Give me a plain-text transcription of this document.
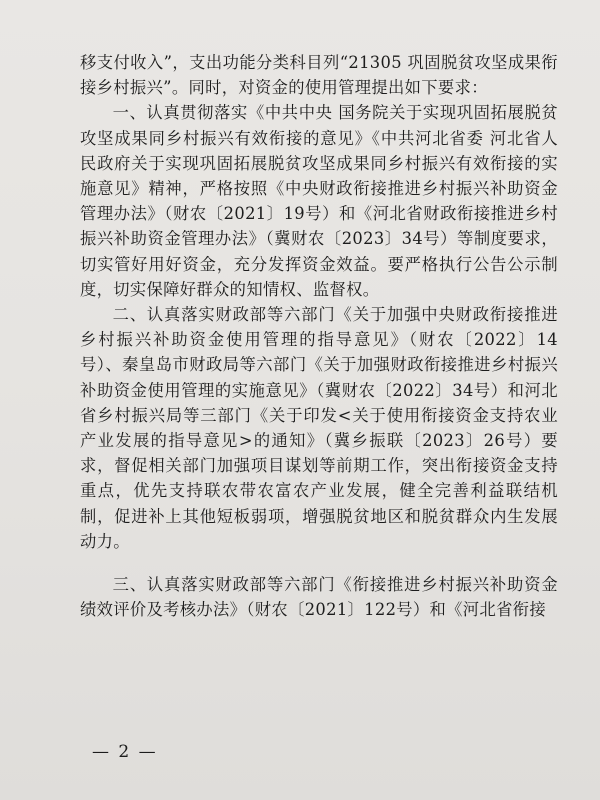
移支付收入”，支出功能分类科目列“21305 巩固脱贫攻坚成果衔接乡村振兴”。同时，对资金的使用管理提出如下要求：

一、认真贯彻落实《中共中央 国务院关于实现巩固拓展脱贫攻坚成果同乡村振兴有效衔接的意见》《中共河北省委 河北省人民政府关于实现巩固拓展脱贫攻坚成果同乡村振兴有效衔接的实施意见》精神，严格按照《中央财政衔接推进乡村振兴补助资金管理办法》（财农〔2021〕19号）和《河北省财政衔接推进乡村振兴补助资金管理办法》（冀财农〔2023〕34号）等制度要求，切实管好用好资金，充分发挥资金效益。要严格执行公告公示制度，切实保障好群众的知情权、监督权。

二、认真落实财政部等六部门《关于加强中央财政衔接推进乡村振兴补助资金使用管理的指导意见》（财农〔2022〕14号）、秦皇岛市财政局等六部门《关于加强财政衔接推进乡村振兴补助资金使用管理的实施意见》（冀财农〔2022〕34号）和河北省乡村振兴局等三部门《关于印发<关于使用衔接资金支持农业产业发展的指导意见>的通知》（冀乡振联〔2023〕26号）要求，督促相关部门加强项目谋划等前期工作，突出衔接资金支持重点，优先支持联农带农富农产业发展，健全完善利益联结机制，促进补上其他短板弱项，增强脱贫地区和脱贫群众内生发展动力。

三、认真落实财政部等六部门《衔接推进乡村振兴补助资金绩效评价及考核办法》（财农〔2021〕122号）和《河北省衔接

— 2 —
